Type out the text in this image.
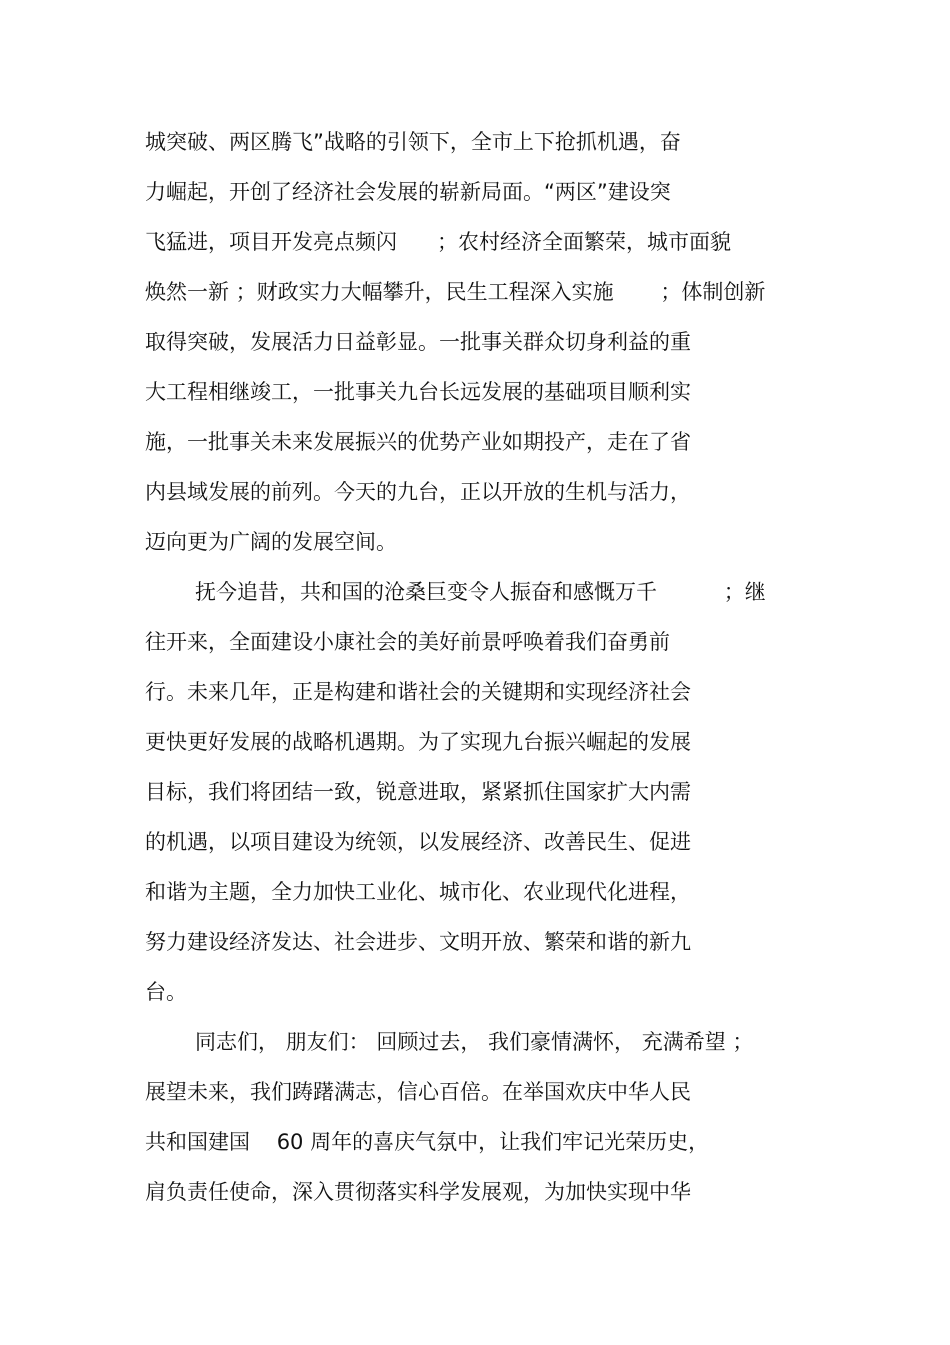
城突破、两区腾飞”战略的引领下，全市上下抢抓机遇，奋
力崛起，开创了经济社会发展的崭新局面。“两区”建设突
飞猛进，项目开发亮点频闪      ；农村经济全面繁荣，城市面貌
焕然一新 ；财政实力大幅攀升，民生工程深入实施       ；体制创新
取得突破，发展活力日益彰显。一批事关群众切身利益的重
大工程相继竣工，一批事关九台长远发展的基础项目顺利实
施，一批事关未来发展振兴的优势产业如期投产，走在了省
内县域发展的前列。今天的九台，正以开放的生机与活力，
迈向更为广阔的发展空间。
抚今追昔，共和国的沧桑巨变令人振奋和感慨万千          ；继
往开来，全面建设小康社会的美好前景呼唤着我们奋勇前
行。未来几年，正是构建和谐社会的关键期和实现经济社会
更快更好发展的战略机遇期。为了实现九台振兴崛起的发展
目标，我们将团结一致，锐意进取，紧紧抓住国家扩大内需
的机遇，以项目建设为统领，以发展经济、改善民生、促进
和谐为主题，全力加快工业化、城市化、农业现代化进程，
努力建设经济发达、社会进步、文明开放、繁荣和谐的新九
台。
同志们， 朋友们： 回顾过去， 我们豪情满怀， 充满希望 ；
展望未来，我们踌躇满志，信心百倍。在举国欢庆中华人民
共和国建国    60 周年的喜庆气氛中，让我们牢记光荣历史，
肩负责任使命，深入贯彻落实科学发展观，为加快实现中华
